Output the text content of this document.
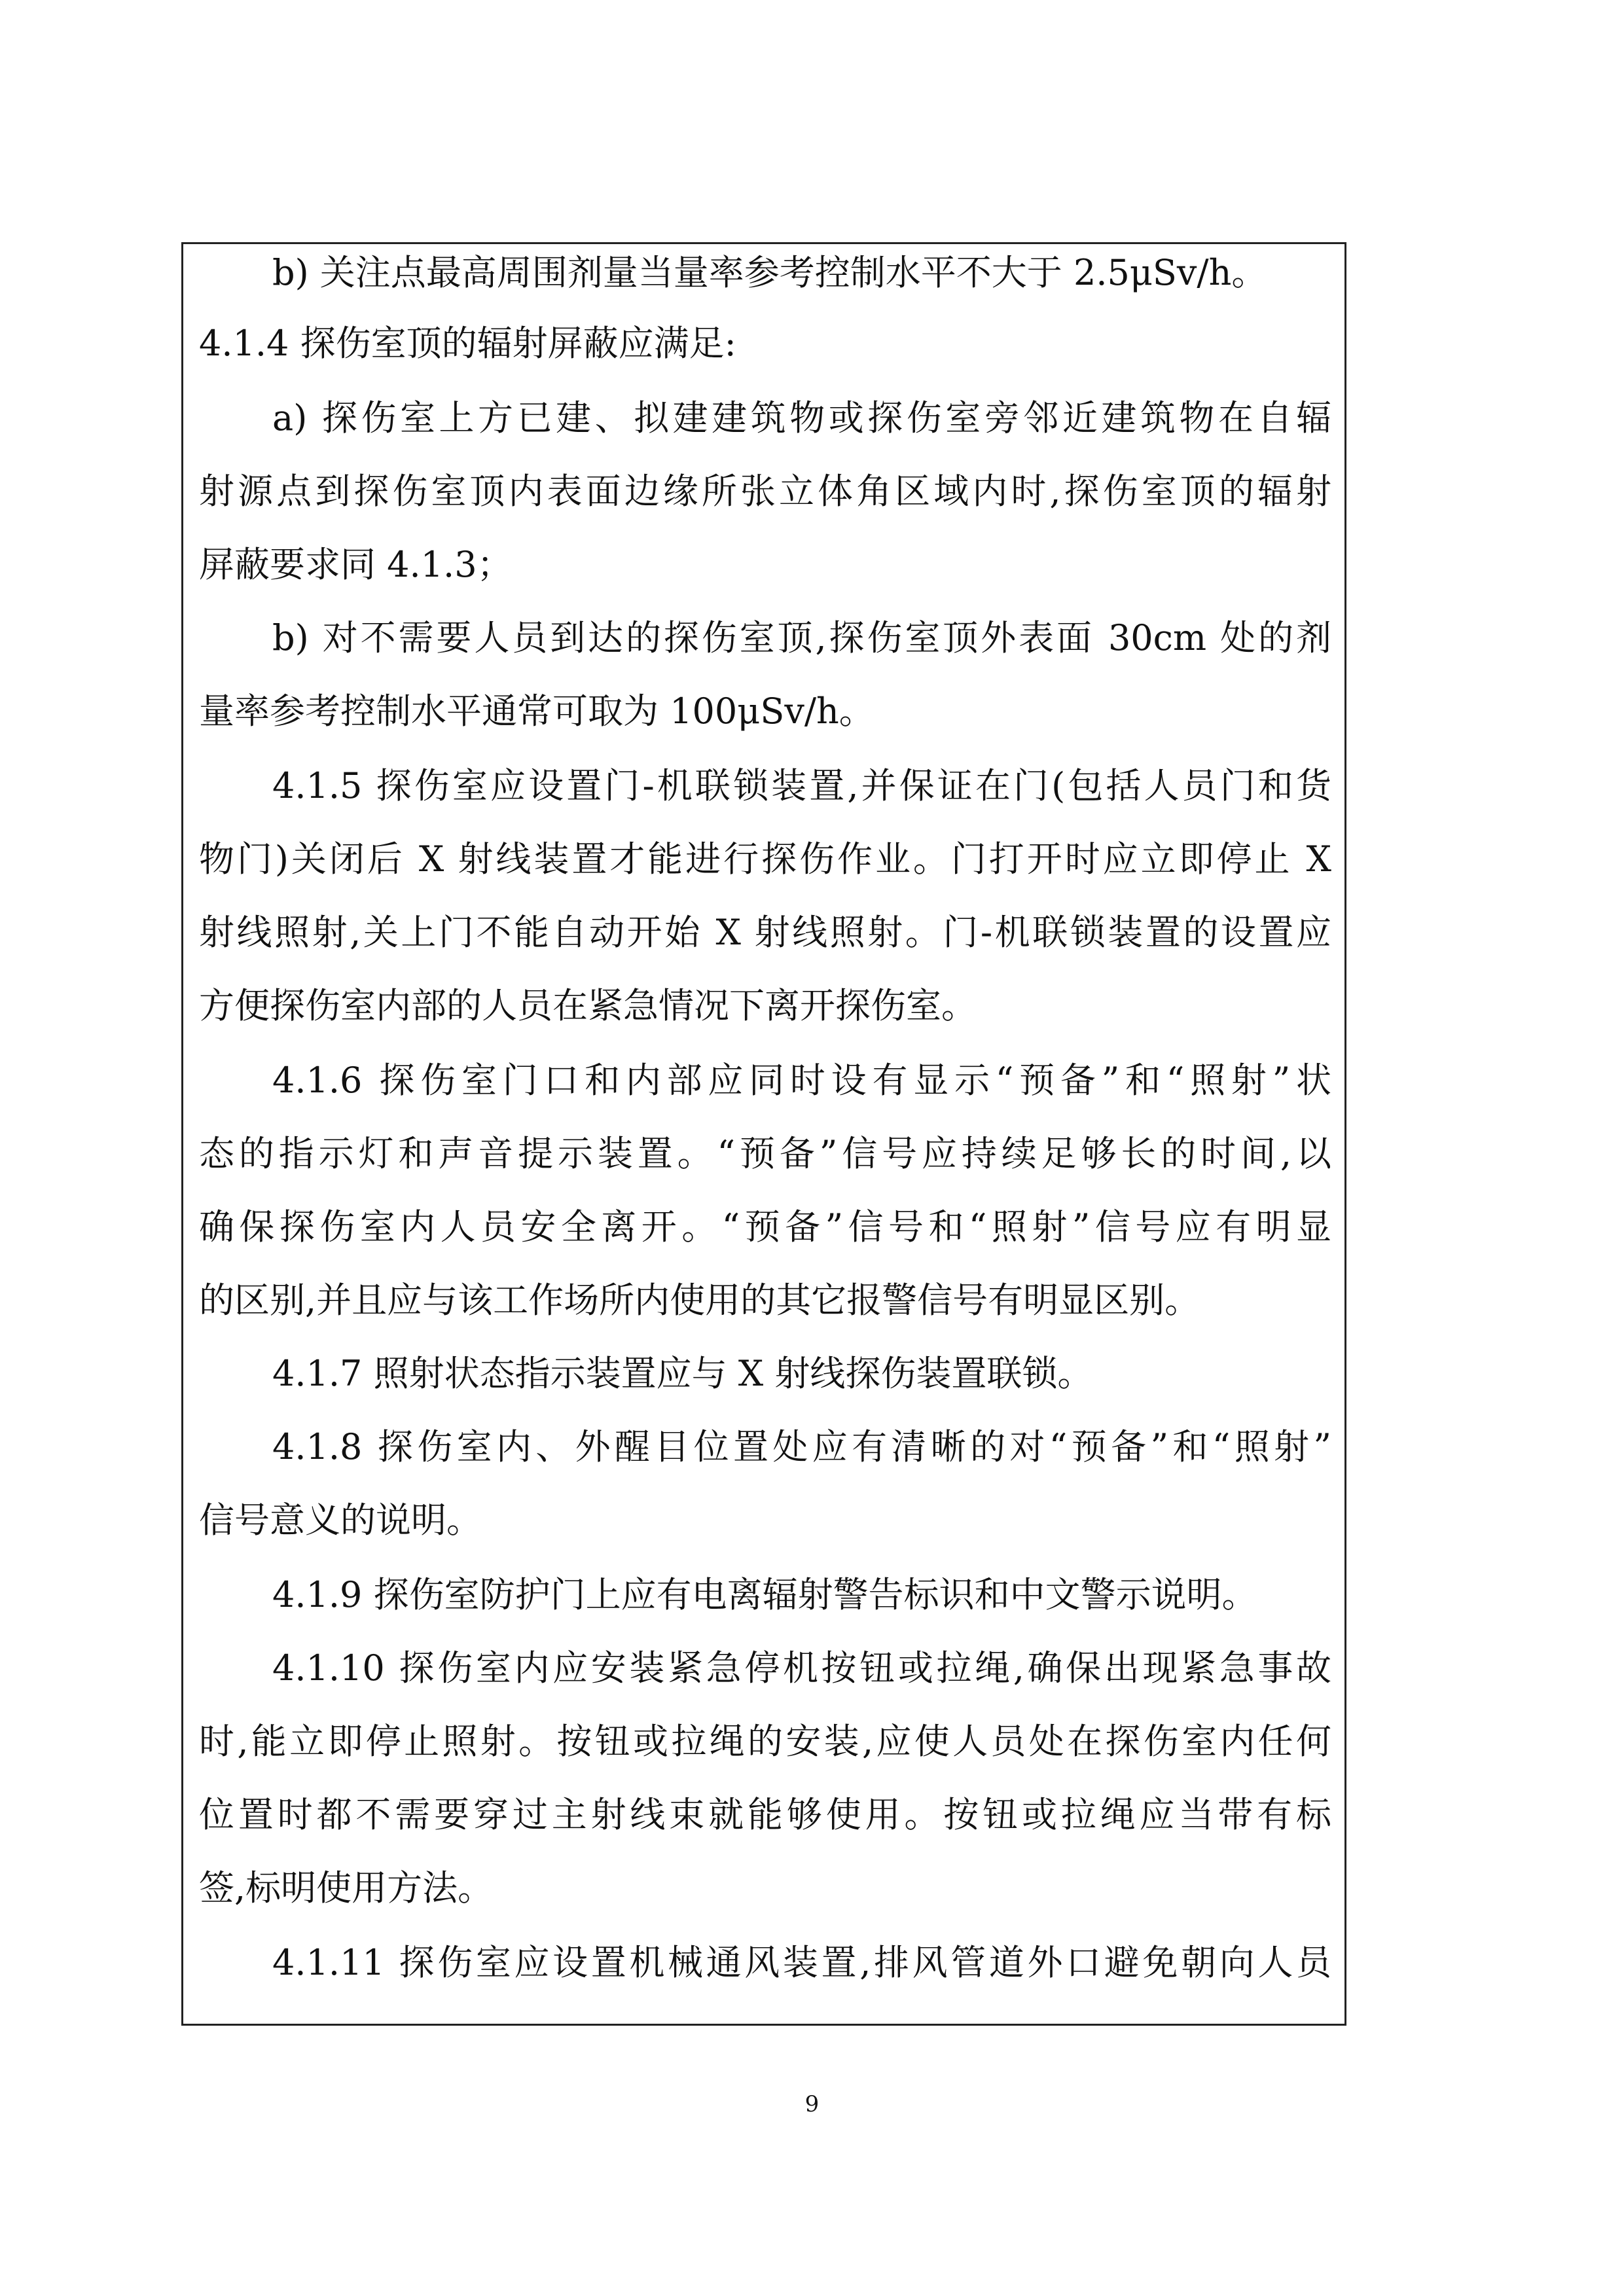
b) 关注点最高周围剂量当量率参考控制水平不大于 2.5μSv/h。
4.1.4 探伤室顶的辐射屏蔽应满足:
a) 探伤室上方已建、拟建建筑物或探伤室旁邻近建筑物在自辐
射源点到探伤室顶内表面边缘所张立体角区域内时,探伤室顶的辐射
屏蔽要求同 4.1.3；
b) 对不需要人员到达的探伤室顶,探伤室顶外表面 30cm 处的剂
量率参考控制水平通常可取为 100μSv/h。
4.1.5 探伤室应设置门-机联锁装置,并保证在门(包括人员门和货
物门)关闭后 X 射线装置才能进行探伤作业。门打开时应立即停止 X
射线照射,关上门不能自动开始 X 射线照射。门-机联锁装置的设置应
方便探伤室内部的人员在紧急情况下离开探伤室。
4.1.6 探伤室门口和内部应同时设有显示“预备”和“照射”状
态的指示灯和声音提示装置。“预备”信号应持续足够长的时间,以
确保探伤室内人员安全离开。“预备”信号和“照射”信号应有明显
的区别,并且应与该工作场所内使用的其它报警信号有明显区别。
4.1.7 照射状态指示装置应与 X 射线探伤装置联锁。
4.1.8 探伤室内、外醒目位置处应有清晰的对“预备”和“照射”
信号意义的说明。
4.1.9 探伤室防护门上应有电离辐射警告标识和中文警示说明。
4.1.10 探伤室内应安装紧急停机按钮或拉绳,确保出现紧急事故
时,能立即停止照射。按钮或拉绳的安装,应使人员处在探伤室内任何
位置时都不需要穿过主射线束就能够使用。按钮或拉绳应当带有标
签,标明使用方法。
4.1.11 探伤室应设置机械通风装置,排风管道外口避免朝向人员
9
